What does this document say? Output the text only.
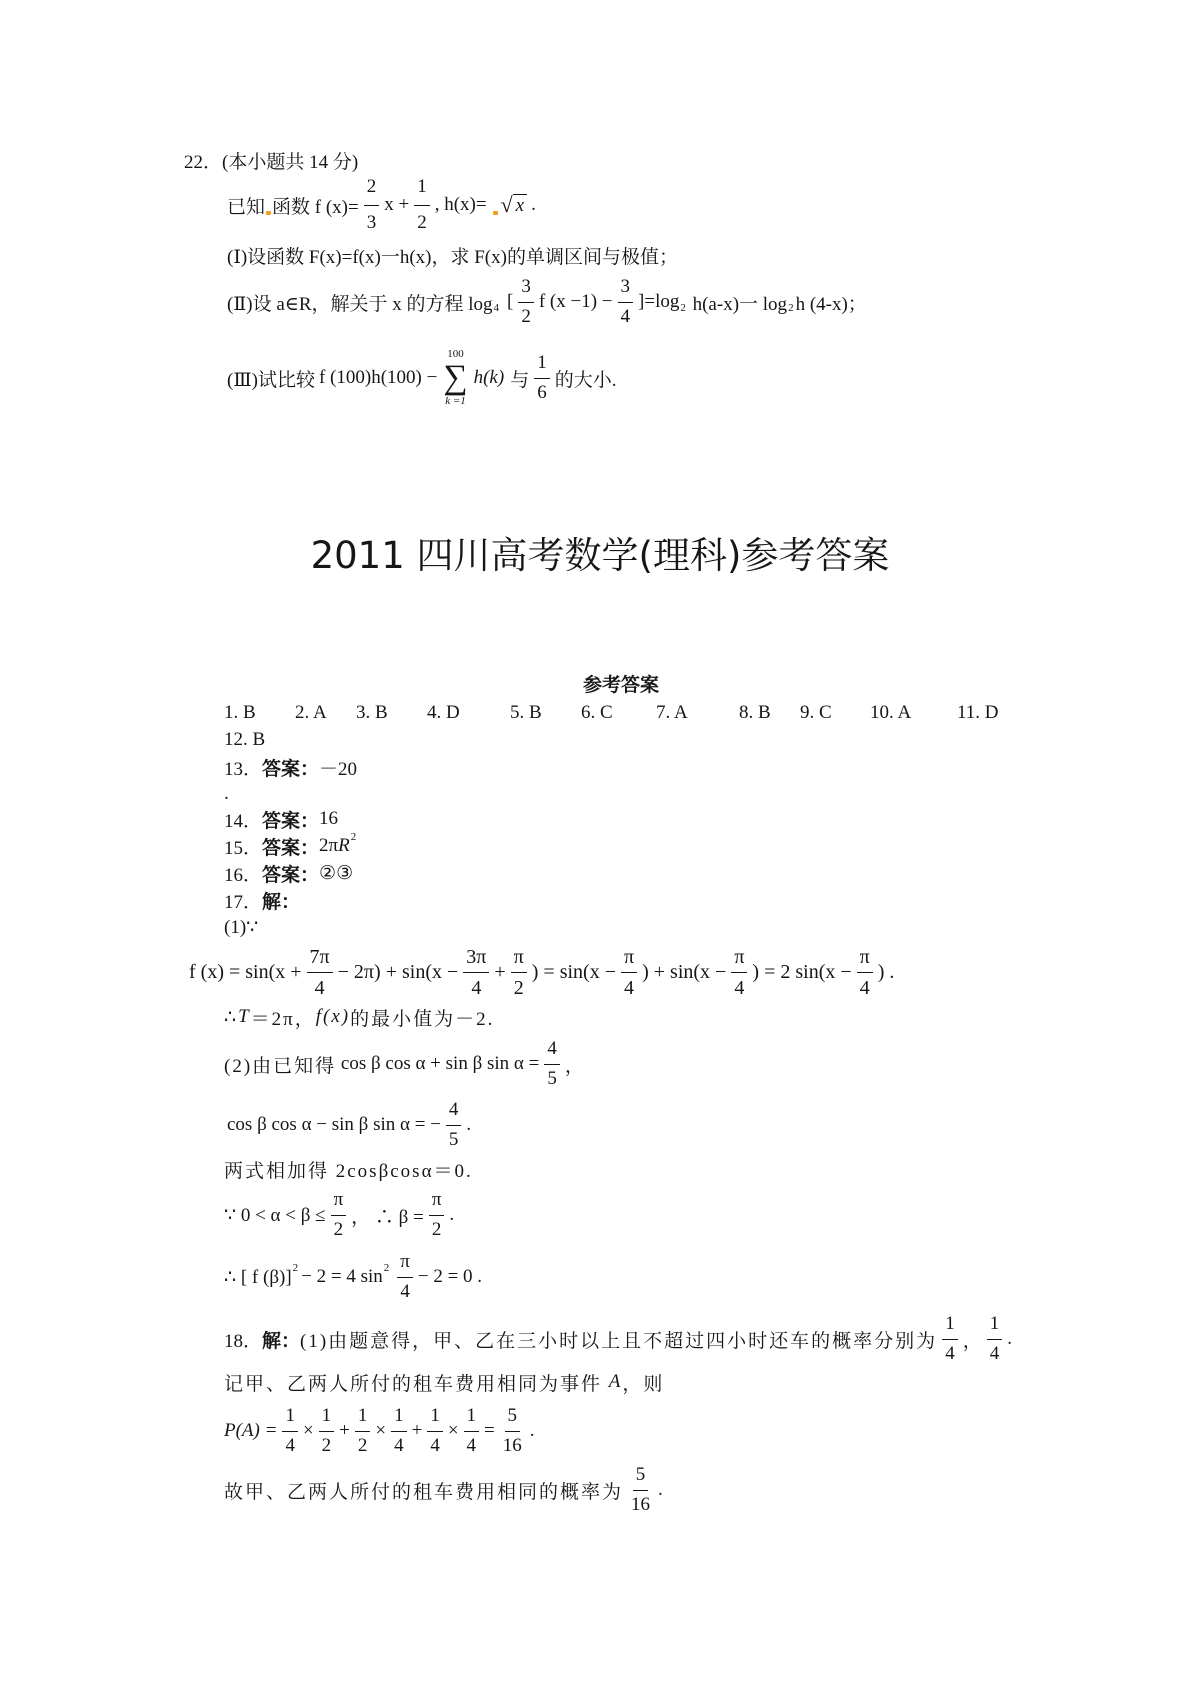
22．(本小题共 14 分)
已知 函数 f $(x)= \frac{2}{3}$ $x + \frac{1}{2}$ , h(x)= √ x .
(Ⅰ)设函数 F(x)=f(x)一h(x)，求 F(x)的单调区间与极值；
(Ⅱ)设 a∈R，解关于 x 的方程 log 4 [ $\frac{3}{2}$ f $(x -1) - \frac{3}{4} ]=\log$ 2 h(a-x)一 log 2 h (4-x)；
(Ⅲ)试比较 f (100)h(100) −
100
∑
k =1
h(k) 与 $\frac{1}{6}$ 的大小.
2011 四川高考数学(理科)参考答案
参考答案
1. B 2. A 3. B 4. D	5. B 6. C 7. A	8. B 9. C 10. A 11. D
12. B
13． 答案： －20
.
14． 答案： 16
15． 答案： 2π R 2
16． 答案： ②③
17． 解：
(1)∵
f $(x) = \sin(x + \frac{7\pi}{4} - 2\pi) + \sin(x - \frac{3\pi}{4} + \frac{\pi}{2}$ ) = $\sin(x - \frac{\pi}{4}$ ) + $\sin(x - \frac{\pi}{4}$ ) = 2 $\sin(x - \frac{\pi}{4}$ ) .
∴ T ＝2π， f(x) 的最小值为－2.
(2)由已知得 cos β cos α + sin β $\sin \alpha = \frac{4}{5}$ ，
cos β cos α − sin β sin α = − $\frac{4}{5}$ .
两式相加得 2cosβcosα＝0.
∵ $0 < \alpha < \beta \le \frac{\pi}{2}$ ， ∴ $\beta = \frac{\pi}{2}$ .
∴ [ f (β)] 2 − 2 = 4 $\sin 2 \frac{\pi}{4} - 2 = 0$ .
18． 解： (1)由题意得，甲、乙在三小时以上且不超过四小时还车的概率分别为 $\frac{1}{4}$ ， $\frac{1}{4}$ .
记甲、乙两人所付的租车费用相同为事件 A ，则
$P(A) = \frac{1}{4} \times \frac{1}{2} + \frac{1}{2} \times \frac{1}{4} + \frac{1}{4} \times \frac{1}{4} = \frac{5}{16}$ .
故甲、乙两人所付的租车费用相同的概率为 $\frac{5}{16}$ .
